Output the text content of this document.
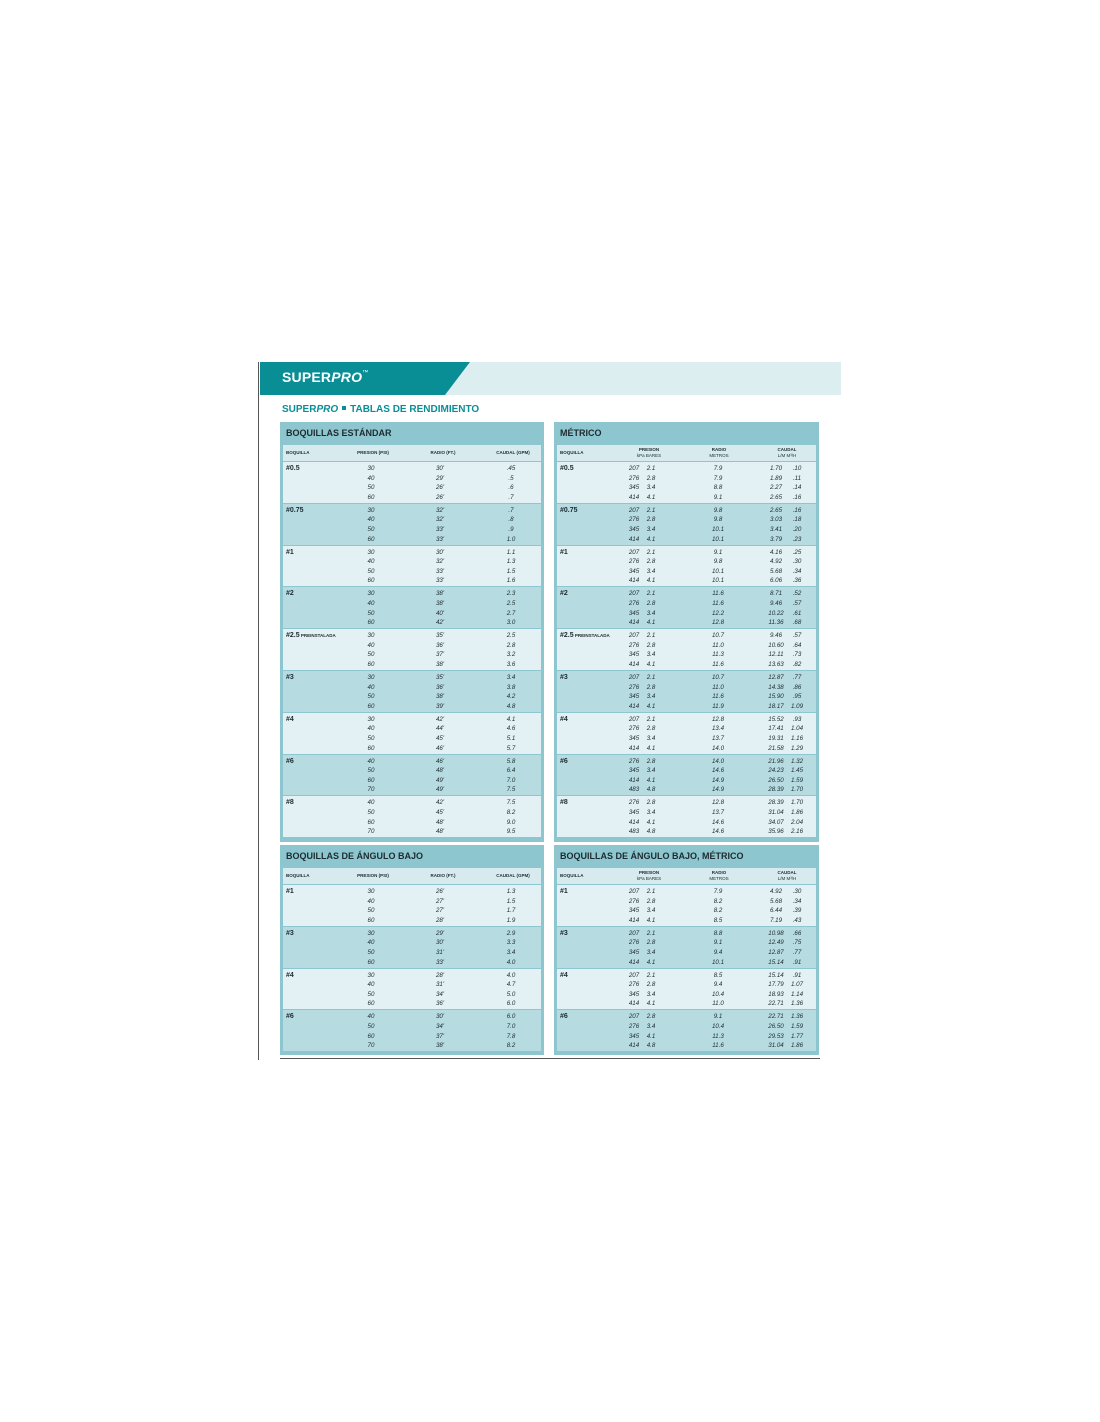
SUPERPRO™
SUPERPRO TABLAS DE RENDIMIENTO
BOQUILLAS ESTÁNDAR
BOQUILLA	PRESION (PSI)	RADIO (FT.)	CAUDAL (GPM)
#0.5	30	30'	.45
40	29'	.5
50	26'	.6
60	26'	.7
#0.75	30	32'	.7
40	32'	.8
50	33'	.9
60	33'	1.0
#1	30	30'	1.1
40	32'	1.3
50	33'	1.5
60	33'	1.6
#2	30	38'	2.3
40	38'	2.5
50	40'	2.7
60	42'	3.0
#2.5 PREINSTALADA	30	35'	2.5
40	36'	2.8
50	37'	3.2
60	38'	3.6
#3	30	35'	3.4
40	36'	3.8
50	38'	4.2
60	39'	4.8
#4	30	42'	4.1
40	44'	4.6
50	45'	5.1
60	46'	5.7
#6	40	46'	5.8
50	48'	6.4
60	49'	7.0
70	49'	7.5
#8	40	42'	7.5
50	45'	8.2
60	48'	9.0
70	48'	9.5
MÉTRICO
BOQUILLA
PRESION
kPa BARES
RADIO
METROS
CAUDAL
L/M M³/H
#0.5	207	2.1	7.9	1.70	.10
276	2.8	7.9	1.89	.11
345	3.4	8.8	2.27	.14
414	4.1	9.1	2.65	.16
#0.75	207	2.1	9.8	2.65	.16
276	2.8	9.8	3.03	.18
345	3.4	10.1	3.41	.20
414	4.1	10.1	3.79	.23
#1	207	2.1	9.1	4.16	.25
276	2.8	9.8	4.92	.30
345	3.4	10.1	5.68	.34
414	4.1	10.1	6.06	.36
#2	207	2.1	11.6	8.71	.52
276	2.8	11.6	9.46	.57
345	3.4	12.2	10.22	.61
414	4.1	12.8	11.36	.68
#2.5 PREINSTALADA	207	2.1	10.7	9.46	.57
276	2.8	11.0	10.60	.64
345	3.4	11.3	12.11	.73
414	4.1	11.6	13.63	.82
#3	207	2.1	10.7	12.87	.77
276	2.8	11.0	14.38	.86
345	3.4	11.6	15.90	.95
414	4.1	11.9	18.17	1.09
#4	207	2.1	12.8	15.52	.93
276	2.8	13.4	17.41	1.04
345	3.4	13.7	19.31	1.16
414	4.1	14.0	21.58	1.29
#6	276	2.8	14.0	21.96	1.32
345	3.4	14.6	24.23	1.45
414	4.1	14.9	26.50	1.59
483	4.8	14.9	28.39	1.70
#8	276	2.8	12.8	28.39	1.70
345	3.4	13.7	31.04	1.86
414	4.1	14.6	34.07	2.04
483	4.8	14.6	35.96	2.16
BOQUILLAS DE ÁNGULO BAJO
BOQUILLA	PRESION (PSI)	RADIO (FT.)	CAUDAL (GPM)
#1	30	26'	1.3
40	27'	1.5
50	27'	1.7
60	28'	1.9
#3	30	29'	2.9
40	30'	3.3
50	31'	3.4
60	33'	4.0
#4	30	28'	4.0
40	31'	4.7
50	34'	5.0
60	36'	6.0
#6	40	30'	6.0
50	34'	7.0
60	37'	7.8
70	38'	8.2
BOQUILLAS DE ÁNGULO BAJO, MÉTRICO
BOQUILLA
PRESION
kPa BARES
RADIO
METROS
CAUDAL
L/M M³/H
#1	207	2.1	7.9	4.92	.30
276	2.8	8.2	5.68	.34
345	3.4	8.2	6.44	.39
414	4.1	8.5	7.19	.43
#3	207	2.1	8.8	10.98	.66
276	2.8	9.1	12.49	.75
345	3.4	9.4	12.87	.77
414	4.1	10.1	15.14	.91
#4	207	2.1	8.5	15.14	.91
276	2.8	9.4	17.79	1.07
345	3.4	10.4	18.93	1.14
414	4.1	11.0	22.71	1.36
#6	207	2.8	9.1	22.71	1.36
276	3.4	10.4	26.50	1.59
345	4.1	11.3	29.53	1.77
414	4.8	11.6	31.04	1.86
